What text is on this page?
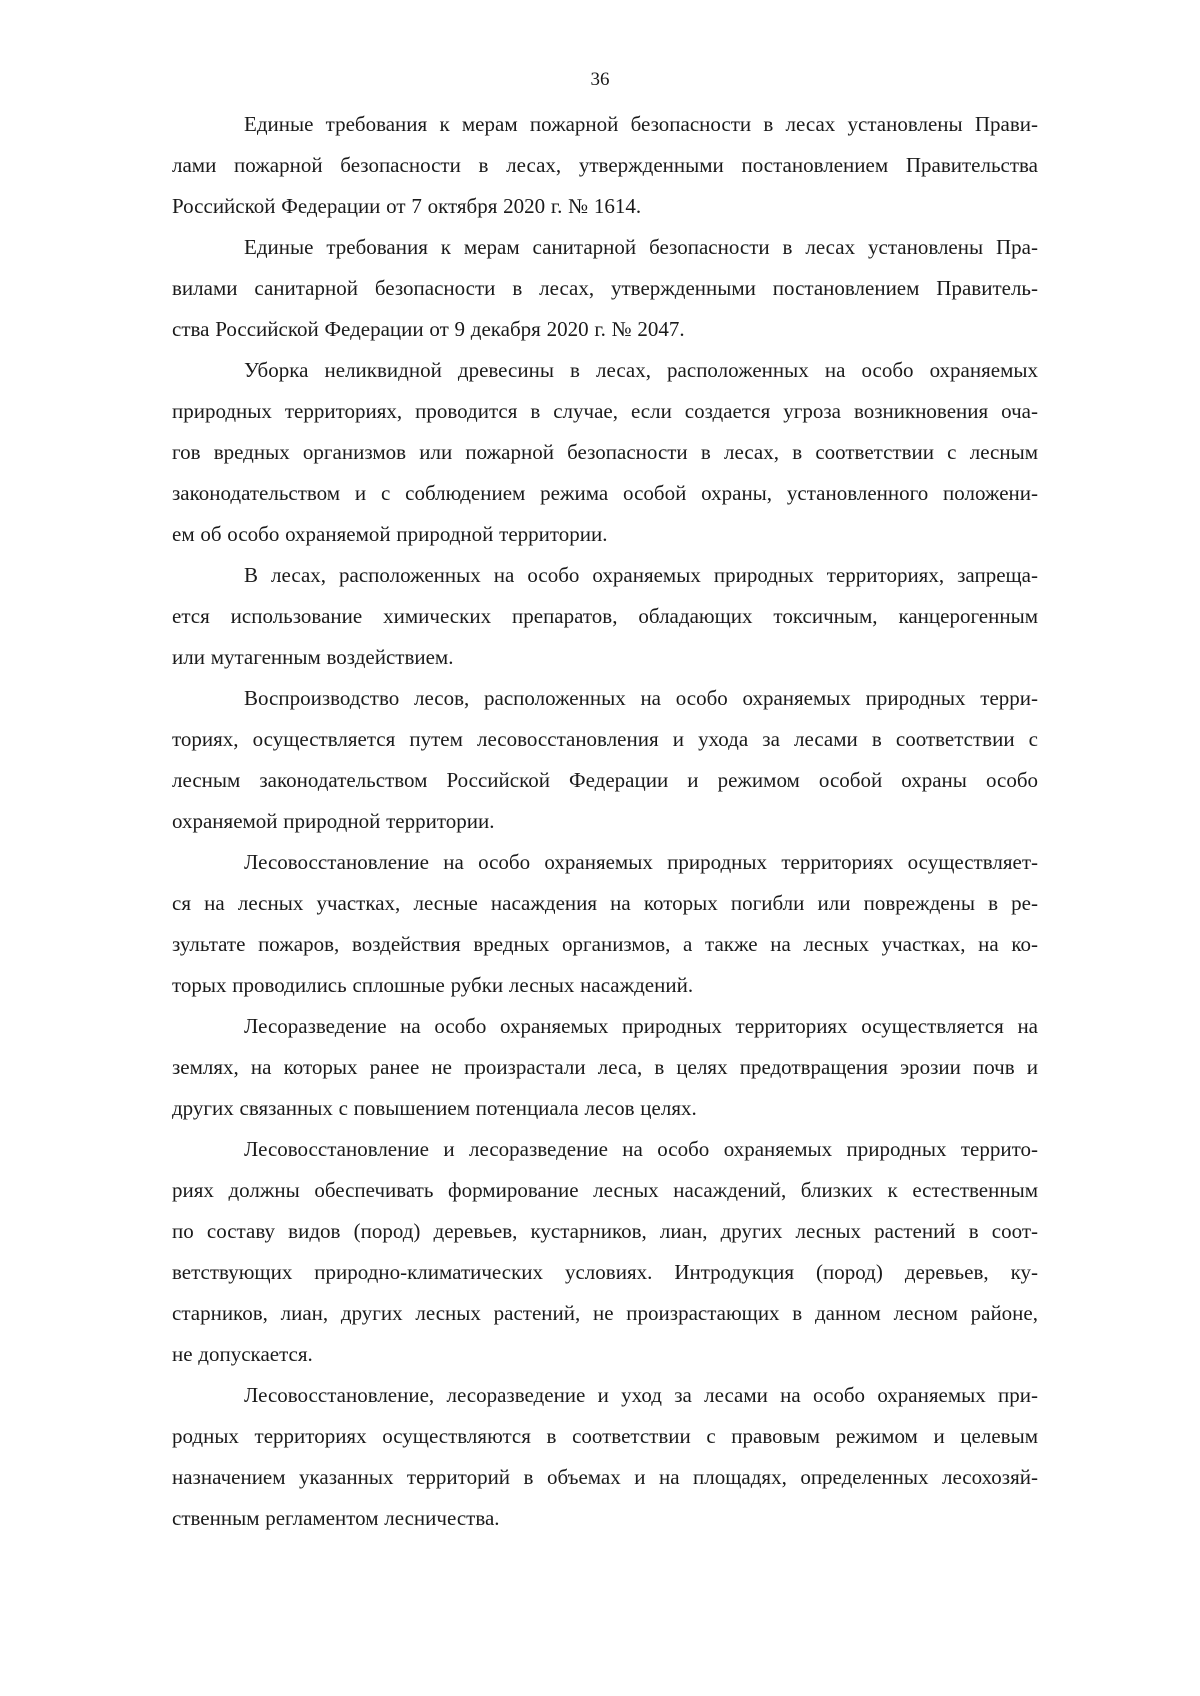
36

Единые требования к мерам пожарной безопасности в лесах установлены Прави-
лами пожарной безопасности в лесах, утвержденными постановлением Правительства
Российской Федерации от 7 октября 2020 г. № 1614.

Единые требования к мерам санитарной безопасности в лесах установлены Пра-
вилами санитарной безопасности в лесах, утвержденными постановлением Правитель-
ства Российской Федерации от 9 декабря 2020 г. № 2047.

Уборка неликвидной древесины в лесах, расположенных на особо охраняемых
природных территориях, проводится в случае, если создается угроза возникновения оча-
гов вредных организмов или пожарной безопасности в лесах, в соответствии с лесным
законодательством и с соблюдением режима особой охраны, установленного положени-
ем об особо охраняемой природной территории.

В лесах, расположенных на особо охраняемых природных территориях, запреща-
ется использование химических препаратов, обладающих токсичным, канцерогенным
или мутагенным воздействием.

Воспроизводство лесов, расположенных на особо охраняемых природных терри-
ториях, осуществляется путем лесовосстановления и ухода за лесами в соответствии с
лесным законодательством Российской Федерации и режимом особой охраны особо
охраняемой природной территории.

Лесовосстановление на особо охраняемых природных территориях осуществляет-
ся на лесных участках, лесные насаждения на которых погибли или повреждены в ре-
зультате пожаров, воздействия вредных организмов, а также на лесных участках, на ко-
торых проводились сплошные рубки лесных насаждений.

Лесоразведение на особо охраняемых природных территориях осуществляется на
землях, на которых ранее не произрастали леса, в целях предотвращения эрозии почв и
других связанных с повышением потенциала лесов целях.

Лесовосстановление и лесоразведение на особо охраняемых природных террито-
риях должны обеспечивать формирование лесных насаждений, близких к естественным
по составу видов (пород) деревьев, кустарников, лиан, других лесных растений в соот-
ветствующих природно-климатических условиях. Интродукция (пород) деревьев, ку-
старников, лиан, других лесных растений, не произрастающих в данном лесном районе,
не допускается.

Лесовосстановление, лесоразведение и уход за лесами на особо охраняемых при-
родных территориях осуществляются в соответствии с правовым режимом и целевым
назначением указанных территорий в объемах и на площадях, определенных лесохозяй-
ственным регламентом лесничества.
